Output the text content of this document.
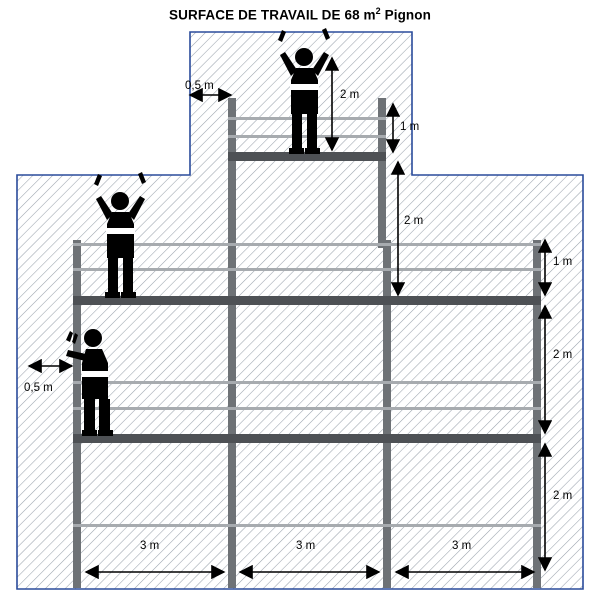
SURFACE DE TRAVAIL DE 68 $m^2$ Pignon
0,5 m
2 m
1 m
2 m
1 m
2 m
0,5 m
2 m
3 m	3 m	3 m
